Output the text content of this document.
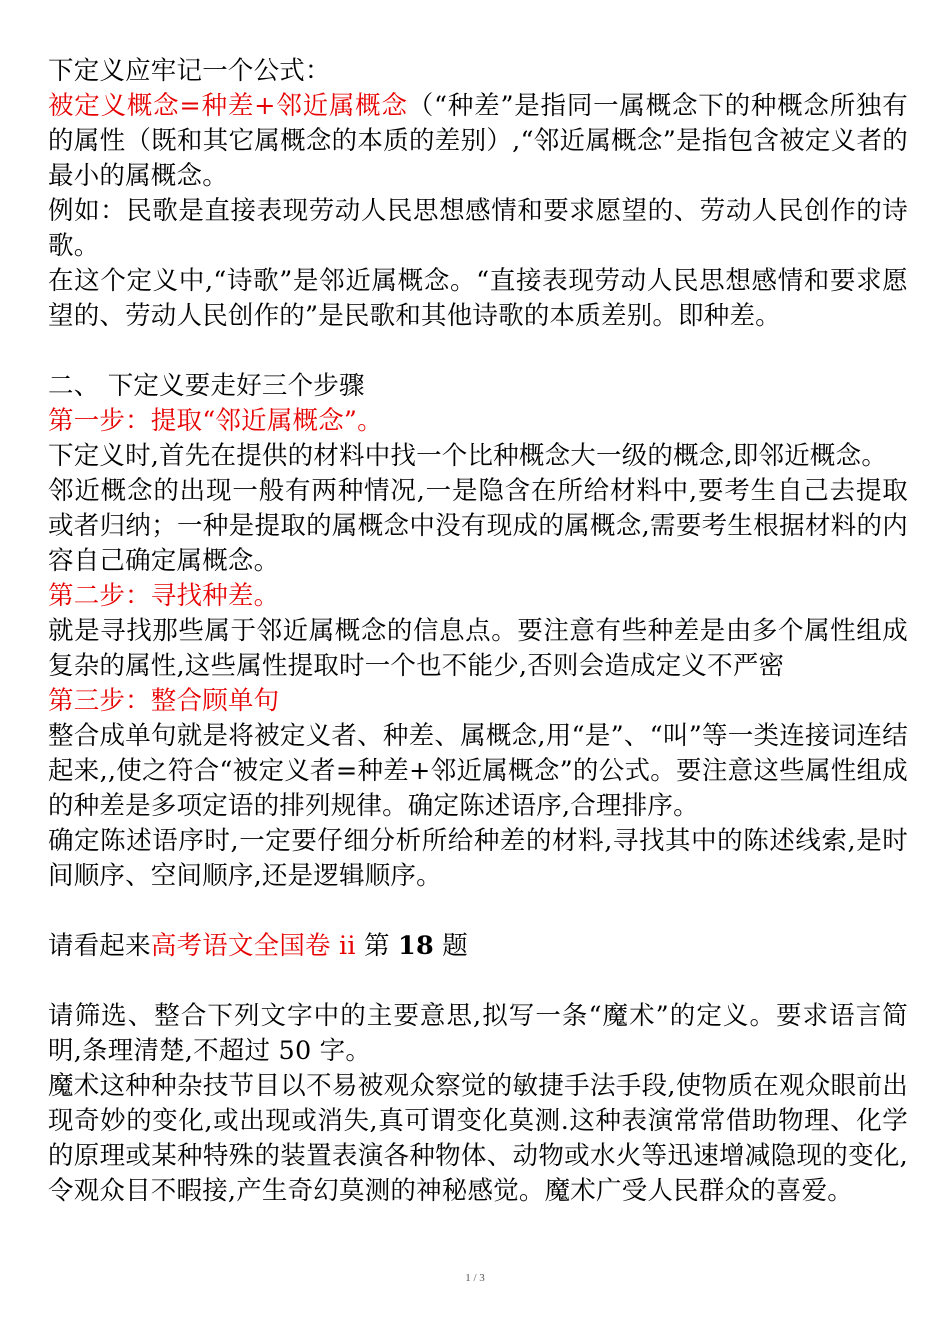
下定义应牢记一个公式：

被定义概念=种差+邻近属概念（“种差”是指同一属概念下的种概念所独有的属性（既和其它属概念的本质的差别）,“邻近属概念”是指包含被定义者的最小的属概念。

例如：民歌是直接表现劳动人民思想感情和要求愿望的、劳动人民创作的诗歌。

在这个定义中,“诗歌”是邻近属概念。“直接表现劳动人民思想感情和要求愿望的、劳动人民创作的”是民歌和其他诗歌的本质差别。即种差。

二、 下定义要走好三个步骤

第一步：提取“邻近属概念”。

下定义时,首先在提供的材料中找一个比种概念大一级的概念,即邻近概念。

邻近概念的出现一般有两种情况,一是隐含在所给材料中,要考生自己去提取或者归纳；一种是提取的属概念中没有现成的属概念,需要考生根据材料的内容自己确定属概念。

第二步：寻找种差。

就是寻找那些属于邻近属概念的信息点。要注意有些种差是由多个属性组成复杂的属性,这些属性提取时一个也不能少,否则会造成定义不严密

第三步：整合顾单句

整合成单句就是将被定义者、种差、属概念,用“是”、“叫”等一类连接词连结起来,,使之符合“被定义者=种差+邻近属概念”的公式。要注意这些属性组成的种差是多项定语的排列规律。确定陈述语序,合理排序。

确定陈述语序时,一定要仔细分析所给种差的材料,寻找其中的陈述线索,是时间顺序、空间顺序,还是逻辑顺序。

请看起来高考语文全国卷 ii 第 18 题

请筛选、整合下列文字中的主要意思,拟写一条“魔术”的定义。要求语言简明,条理清楚,不超过 50 字。

魔术这种种杂技节目以不易被观众察觉的敏捷手法手段,使物质在观众眼前出现奇妙的变化,或出现或消失,真可谓变化莫测.这种表演常常借助物理、化学的原理或某种特殊的装置表演各种物体、动物或水火等迅速增减隐现的变化,令观众目不暇接,产生奇幻莫测的神秘感觉。魔术广受人民群众的喜爱。

1 / 3
